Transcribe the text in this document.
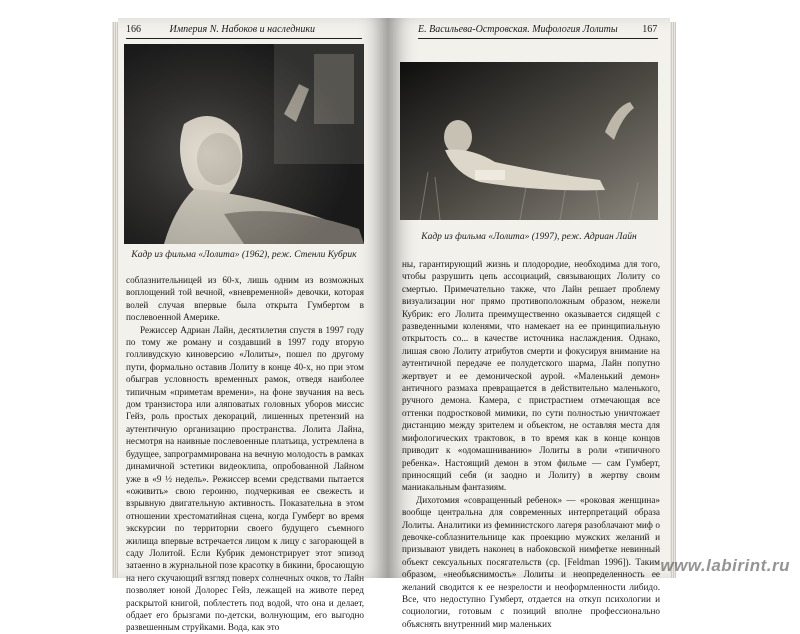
166	Империя N. Набоков и наследники
Кадр из фильма «Лолита» (1962), реж. Стенли Кубрик

соблазнительницей из 60-х, лишь одним из возможных воплощений той вечной, «вневременной» девочки, которая волей случая впервые была открыта Гумбертом в послевоенной Америке.

Режиссер Адриан Лайн, десятилетия спустя в 1997 году по тому же роману и создавший в 1997 году вторую голливудскую кинoверсию «Лолиты», пошел по другому пути, формально оставив Лолиту в конце 40-х, но при этом обыграв условность временных рамок, отведя наиболее типичным «приметам времени», на фоне звучания на весь дом транзистора или аляповатых головных уборов миссис Гейз, роль простых декораций, лишенных претензий на аутентичную организацию пространства. Лолита Лайна, несмотря на наивные послевоенные платьица, устремлена в будущее, запрограммирована на вечную молодость в рамках динамичной эстетики видеоклипа, опробованной Лайном уже в «9 ½ недель». Режиссер всеми средствами пытается «оживить» свою героиню, подчеркивая ее свежесть и взрывную двигательную активность. Показательна в этом отношении хрестоматийная сцена, когда Гумберт во время экскурсии по территории своего будущего съемного жилища впервые встречается лицом к лицу с загорающей в саду Лолитой. Если Кубрик демонстрирует этот эпизод затаенно в журнальной позе красотку в бикини, бросающую на него скучающий взгляд поверх солнечных очков, то Лайн позволяет юной Долорес Гейз, лежащей на животе перед раскрытой книгой, поблестеть под водой, что она и делает, обдает его брызгами по-детски, волнующим, его выгодно развешенным струйками. Вода, как это

Е. Васильева-Островская. Мифология Лолиты 167
Кадр из фильма «Лолита» (1997), реж. Адриан Лайн

ны, гарантирующий жизнь и плодородие, необходима для того, чтобы разрушить цепь ассоциаций, связывающих Лолиту со смертью. Примечательно также, что Лайн решает проблему визуализации ног прямо противоположным образом, нежели Кубрик: его Лолита преимущественно оказывается сидящей с разведенными коленями, что намекает на ее принципиальную открытость со... в качестве источника наслаждения. Однако, лишая свою Лолиту атрибутов смерти и фокусируя внимание на аутентичной передаче ее полудетского шарма, Лайн попутно жертвует и ее демонической аурой. «Маленький демон» античного размаха превращается в действительно маленького, ручного демона. Камера, с пристрастием отмечающая все оттенки подростковой мимики, по сути полностью уничтожает дистанцию между зрителем и объектом, не оставляя места для мифологических трактовок, в то время как в конце концов приводит к «одомашниванию» Лолиты в роли «типичного ребенка». Настоящий демон в этом фильме — сам Гумберт, приносящий себя (и заодно и Лолиту) в жертву своим маниакальным фантазиям.

Дихотомия «совращенный ребенок» — «роковая женщина» вообще центральна для современных интерпретаций образа Лолиты. Аналитики из феминистского лагеря разоблачают миф о девочке-соблазнительнице как проекцию мужских желаний и призывают увидеть наконец в набоковской нимфетке невинный объект сексуальных посягательств (ср. [Feldman 1996]). Таким образом, «необъяснимость» Лолиты и неопределенность ее желаний сводится к ее незрелости и неоформленности либидо. Все, что недоступно Гумберт, отдается на откуп психологии и социологии, готовым с позиций вполне профессионально объяснять внутренний мир маленьких

www.labirint.ru
